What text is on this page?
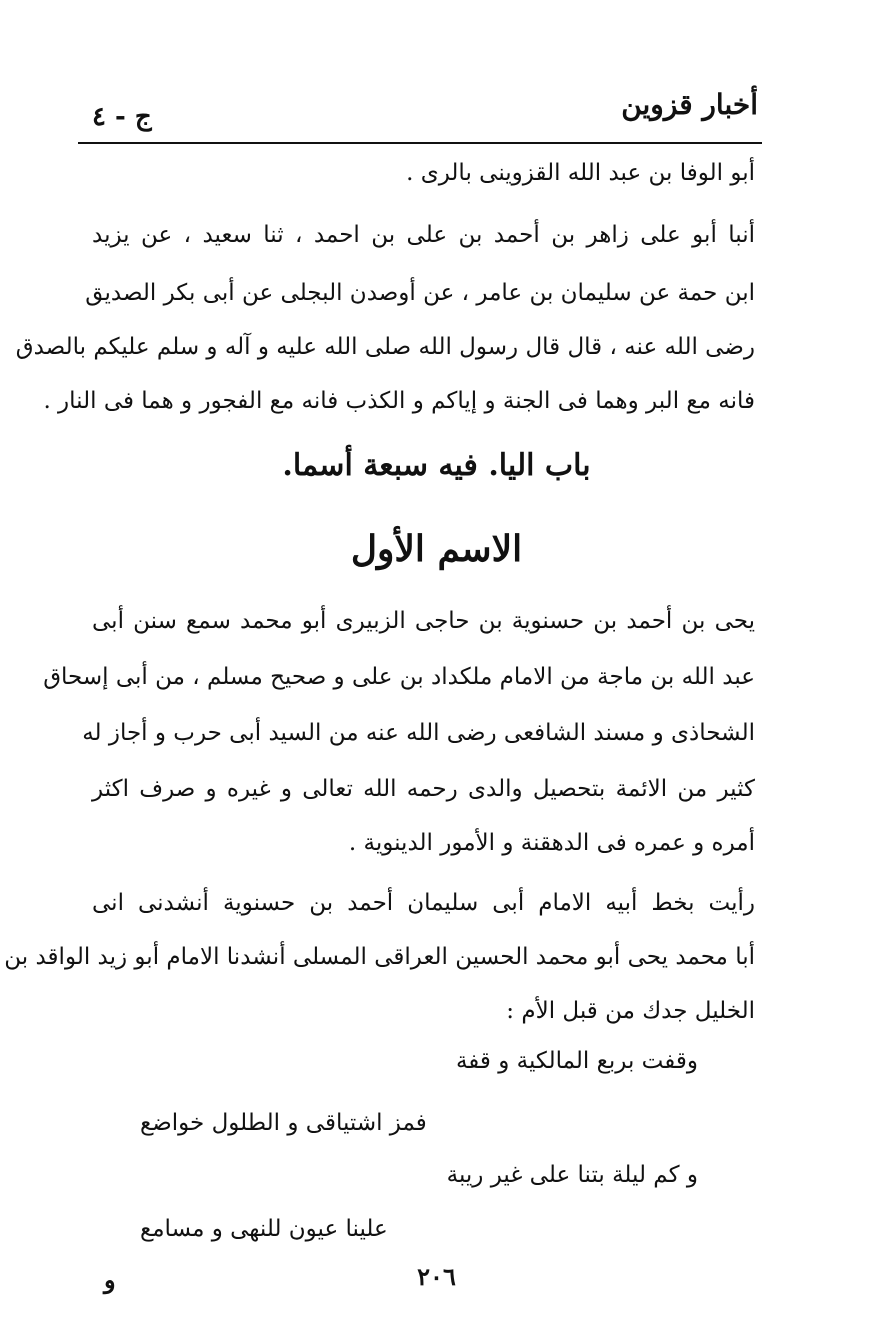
أخبار قزوين
ج - ٤
أبو الوفا بن عبد الله القزوينى بالرى .
أنبا أبو على زاهر بن أحمد بن على بن احمد ، ثنا سعيد ، عن يزيد
ابن حمة عن سليمان بن عامر ، عن أوصدن البجلى عن أبى بكر الصديق
رضى الله عنه ، قال قال رسول الله صلى الله عليه و آله و سلم عليكم بالصدق
فانه مع البر وهما فى الجنة و إياكم و الكذب فانه مع الفجور و هما فى النار .
باب اليا. فيه سبعة أسما.
الاسم الأول
يحى بن أحمد بن حسنوية بن حاجى الزبيرى أبو محمد سمع سنن أبى
عبد الله بن ماجة من الامام ملكداد بن على و صحيح مسلم ، من أبى إسحاق
الشحاذى و مسند الشافعى رضى الله عنه من السيد أبى حرب و أجاز له
كثير من الائمة بتحصيل والدى رحمه الله تعالى و غيره و صرف اكثر
أمره و عمره فى الدهقنة و الأمور الدينوية .
رأيت بخط أبيه الامام أبى سليمان أحمد بن حسنوية أنشدنى انى
أبا محمد يحى أبو محمد الحسين العراقى المسلى أنشدنا الامام أبو زيد الواقد بن
الخليل جدك من قبل الأم :
وقفت بربع المالكية و قفة
فمز اشتياقى و الطلول خواضع
و كم ليلة بتنا على غير ريبة
علينا عيون للنهى و مسامع
٢٠٦
و
